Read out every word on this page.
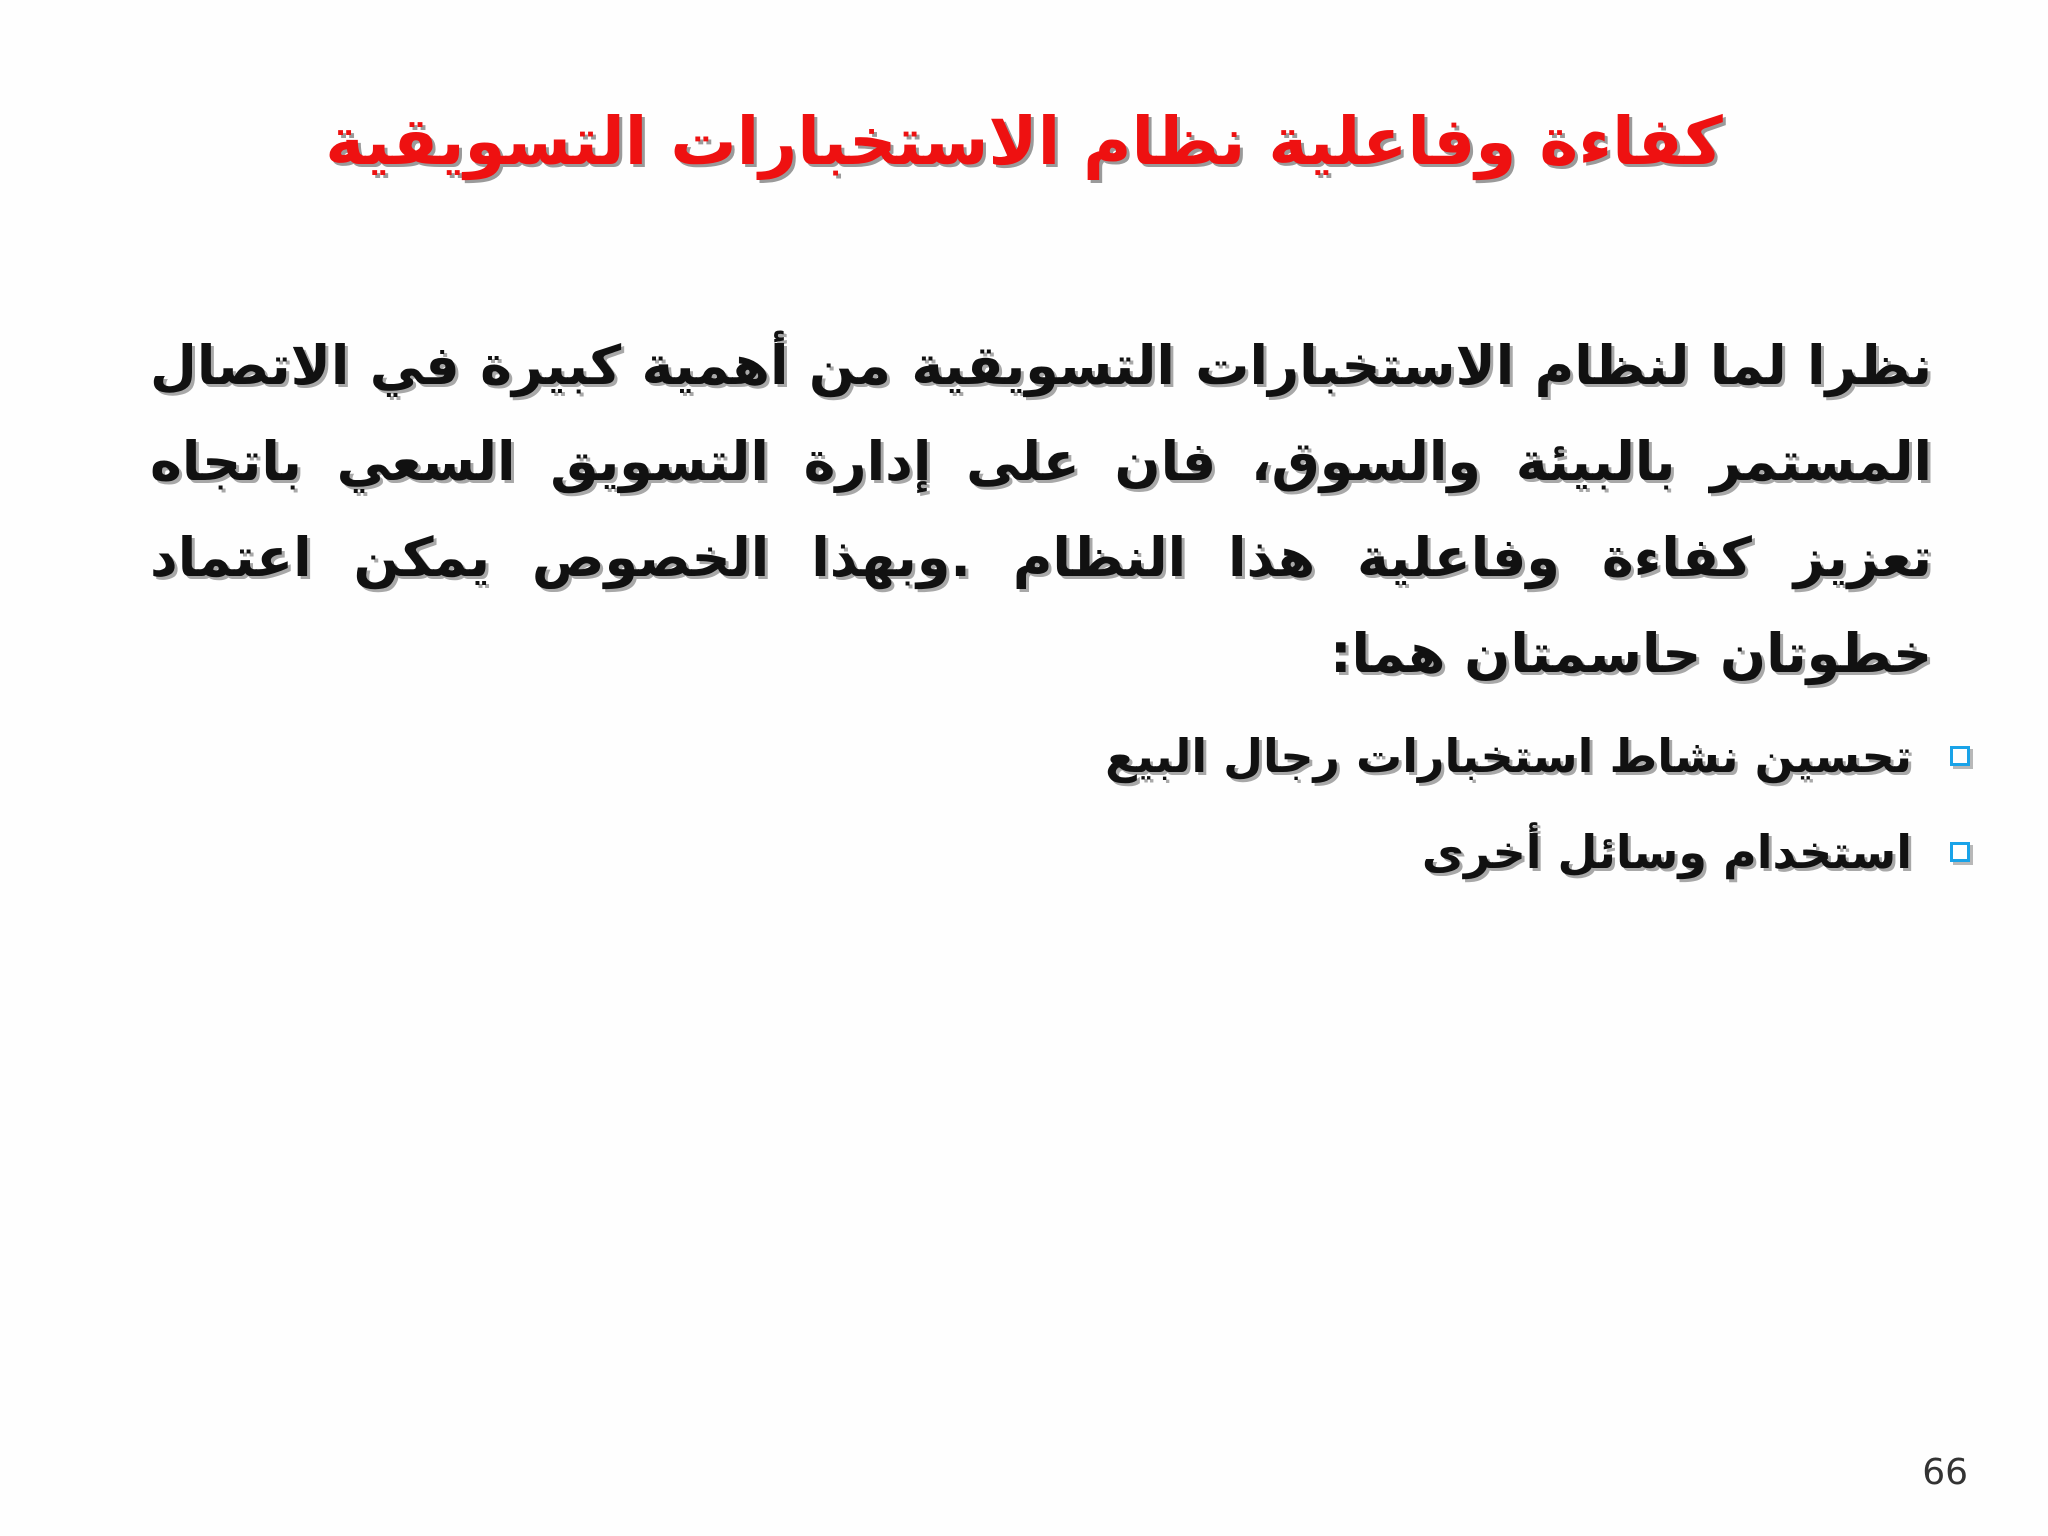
كفاءة وفاعلية نظام الاستخبارات التسويقية
نظرا لما لنظام الاستخبارات التسويقية من أهمية كبيرة في الاتصال المستمر بالبيئة والسوق، فان على إدارة التسويق السعي باتجاه تعزيز كفاءة وفاعلية هذا النظام .وبهذا الخصوص يمكن اعتماد خطوتان حاسمتان هما:
تحسين نشاط استخبارات رجال البيع
استخدام وسائل أخرى
66
